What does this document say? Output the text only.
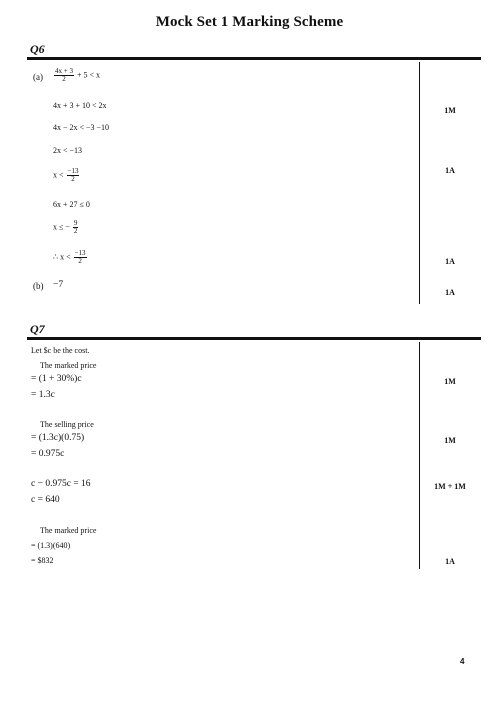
Mock Set 1 Marking Scheme
Q6
$(a) \frac{4x + 3}{2} + 5 < x$
4x + 3 + 10 < 2x
4x − 2x < −3 −10
2x < −13
$x < \frac{-13}{2}$
6x + 27 ≤ 0
x ≤ − $\frac{9}{2}$
∴ $x < \frac{-13}{2}$
(b) −7
1M
1A
1A
1A
Q7
Let $c be the cost.
The marked price
= (1 + 30%)c
= 1.3c
The selling price
= (1.3c)(0.75)
= 0.975c
c − 0.975c = 16
c = 640
The marked price
= (1.3)(640)
= $832
1M
1M
1M + 1M
1A
4
